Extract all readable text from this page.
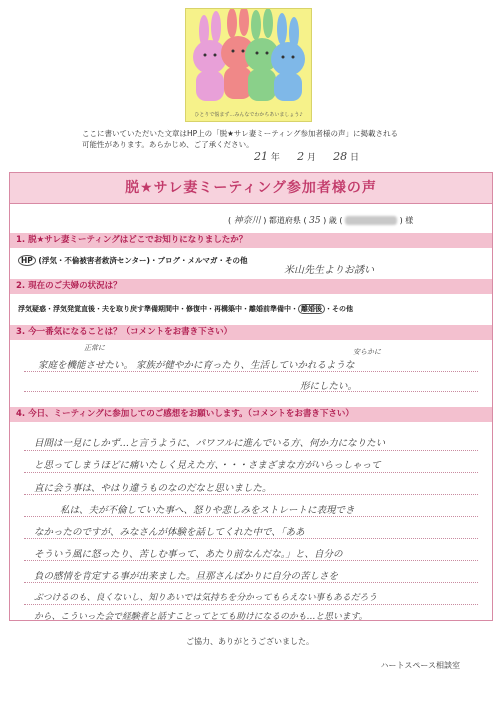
ひとりで悩まず…みんなでわかちあいましょう♪
ここに書いていただいた文章はHP上の「脱★サレ妻ミーティング参加者様の声」に掲載される
可能性があります。あらかじめ、ご了承ください。
21 年 2 月 28 日
脱★サレ妻ミーティング参加者様の声
( 神奈川 ) 都道府県 ( 35 ) 歳 (	) 様
1. 脱★サレ妻ミーティングはどこでお知りになりましたか？
HP (浮気・不倫被害者救済センター)・ブログ・メルマガ・その他
米山先生よりお誘い
2. 現在のご夫婦の状況は？
浮気疑惑・浮気発覚直後・夫を取り戻す準備期間中・修復中・再構築中・離婚前準備中・ 離婚後 ・その他
3. 今一番気になることは？（コメントをお書き下さい）
正常に	安らかに
家庭を機能させたい。 家族が健やかに育ったり、生活していかれるような
形にしたい。
4. 今日、ミーティングに参加してのご感想をお願いします。（コメントをお書き下さい）
目間は一見にしかず…と言うように、パワフルに進んでいる方、何か力になりたい
と思ってしまうほどに痛いたしく見えた方、・・・さまざまな方がいらっしゃって
直に会う事は、やはり違うものなのだなと思いました。
私は、夫が不倫していた事へ、怒りや悲しみをストレートに表現でき
なかったのですが、みなさんが体験を話してくれた中で、「ああ
そういう風に怒ったり、苦しむ事って、あたり前なんだな。」と、自分の
負の感情を肯定する事が出来ました。旦那さんばかりに自分の苦しさを
ぶつけるのも、良くないし、知りあいでは気持ちを分かってもらえない事もあるだろう
から、こういった会で経験者と話すことってとても助けになるのかも…と思います。
ご協力、ありがとうございました。
ハートスペース相談室
